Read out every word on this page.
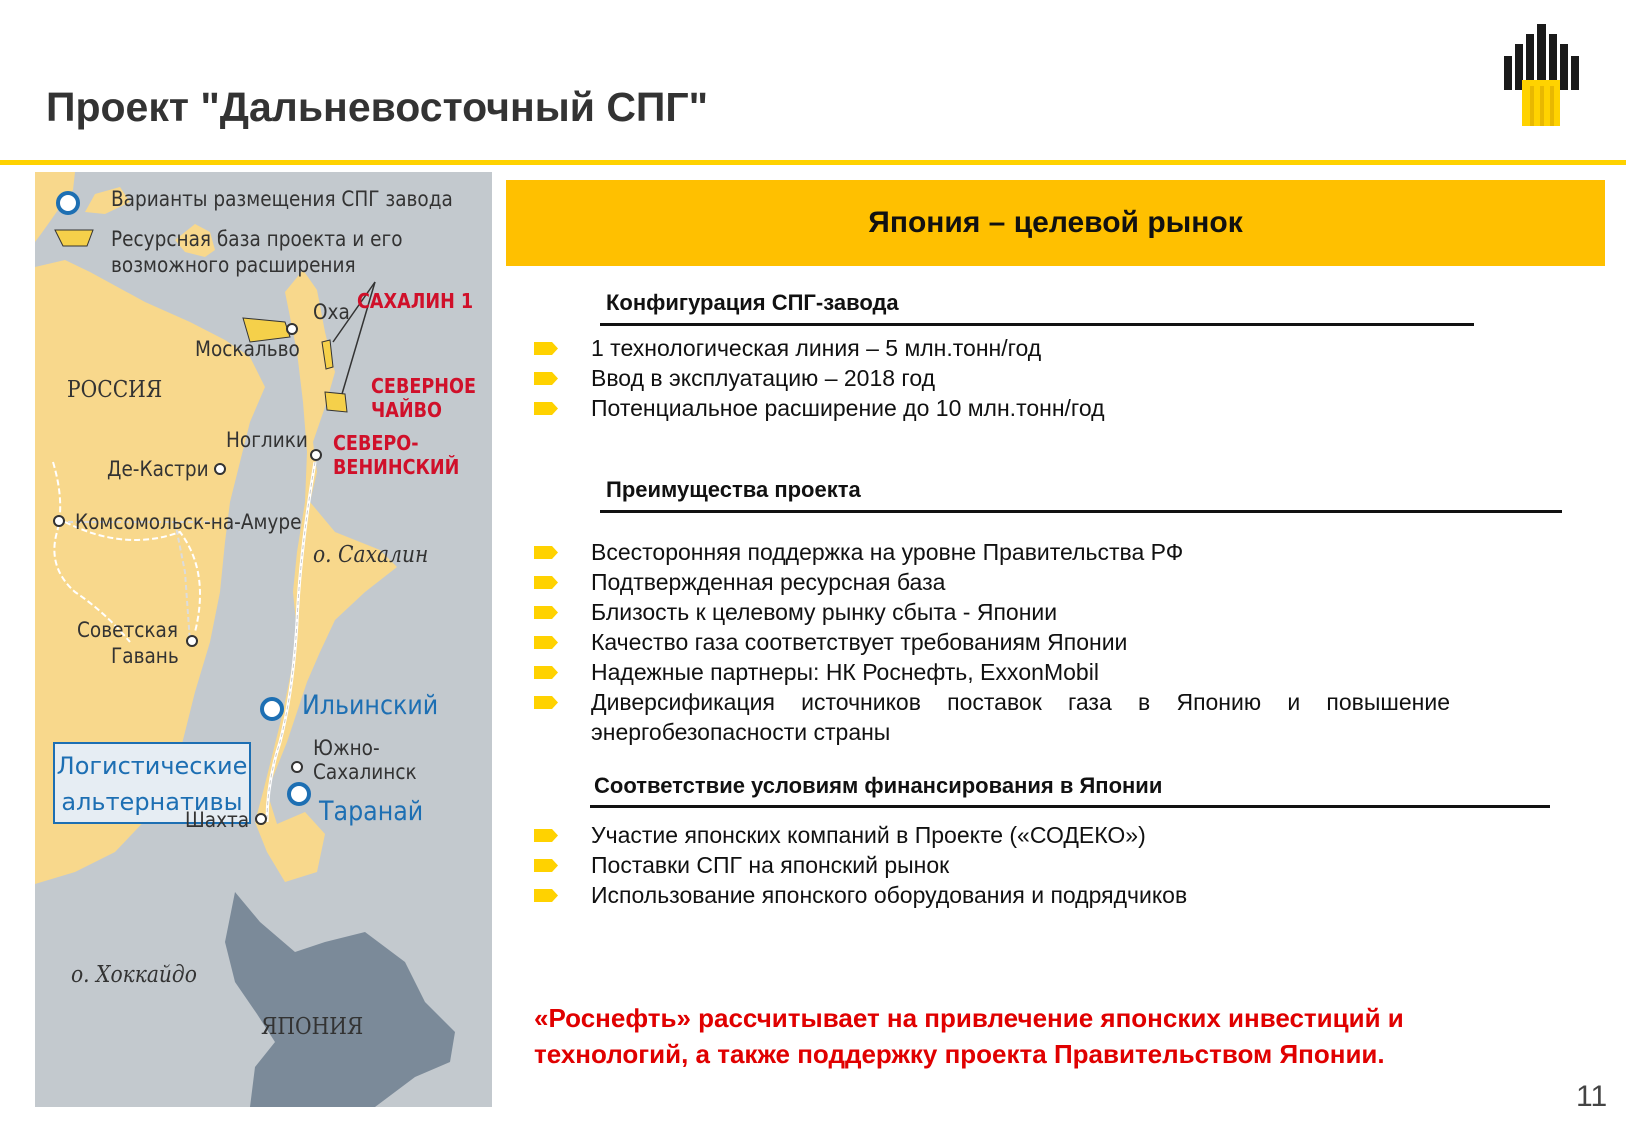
Проект "Дальневосточный СПГ"
Варианты размещения СПГ завода
Ресурсная база проекта и его
возможного расширения
Оха
Москальво
САХАЛИН 1
РОССИЯ	СЕВЕРНОЕ
ЧАЙВО
Ноглики СЕВЕРО-
ВЕНИНСКИЙ
Де-Кастри
Комсомольск-на-Амуре
о. Сахалин
Советская
Гавань
Ильинский
Южно-
Сахалинск
Логистические
альтернативы	Таранай
Шахта
о. Хоккайдо
ЯПОНИЯ
Япония – целевой рынок
Конфигурация СПГ-завода
1 технологическая линия – 5 млн.тонн/год
Ввод в эксплуатацию – 2018 год
Потенциальное расширение до 10 млн.тонн/год
Преимущества проекта
Всесторонняя поддержка на уровне Правительства РФ
Подтвержденная ресурсная база
Близость к целевому рынку сбыта - Японии
Качество газа соответствует требованиям Японии
Надежные партнеры: НК Роснефть, ExxonMobil
Диверсификация источников поставок газа в Японию и повышение энергобезопасности страны
Соответствие условиям финансирования в Японии
Участие японских компаний в Проекте («СОДЕКО»)
Поставки СПГ на японский рынок
Использование японского оборудования и подрядчиков
«Роснефть» рассчитывает на привлечение японских инвестиций и
технологий, а также поддержку проекта Правительством Японии.
11
